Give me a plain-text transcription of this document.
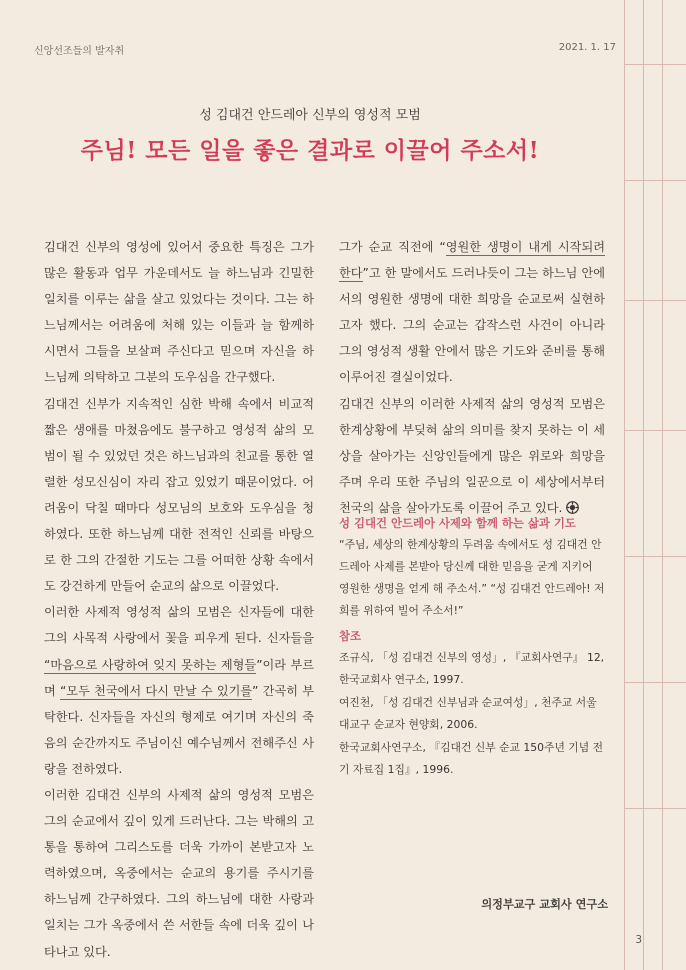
신앙선조들의 발자취	2021. 1. 17
성 김대건 안드레아 신부의 영성적 모범
주님! 모든 일을 좋은 결과로 이끌어 주소서!

김대건 신부의 영성에 있어서 중요한 특징은 그가 많은 활동과 업무 가운데서도 늘 하느님과 긴밀한 일치를 이루는 삶을 살고 있었다는 것이다. 그는 하느님께서는 어려움에 처해 있는 이들과 늘 함께하시면서 그들을 보살펴 주신다고 믿으며 자신을 하느님께 의탁하고 그분의 도우심을 간구했다.

김대건 신부가 지속적인 심한 박해 속에서 비교적 짧은 생애를 마쳤음에도 불구하고 영성적 삶의 모범이 될 수 있었던 것은 하느님과의 친교를 통한 열렬한 성모신심이 자리 잡고 있었기 때문이었다. 어려움이 닥칠 때마다 성모님의 보호와 도우심을 청하였다. 또한 하느님께 대한 전적인 신뢰를 바탕으로 한 그의 간절한 기도는 그를 어떠한 상황 속에서도 강건하게 만들어 순교의 삶으로 이끌었다.

이러한 사제적 영성적 삶의 모범은 신자들에 대한 그의 사목적 사랑에서 꽃을 피우게 된다. 신자들을 “마음으로 사랑하여 잊지 못하는 제형들”이라 부르며 “모두 천국에서 다시 만날 수 있기를” 간곡히 부탁한다. 신자들을 자신의 형제로 여기며 자신의 죽음의 순간까지도 주님이신 예수님께서 전해주신 사랑을 전하였다.

이러한 김대건 신부의 사제적 삶의 영성적 모범은 그의 순교에서 깊이 있게 드러난다. 그는 박해의 고통을 통하여 그리스도를 더욱 가까이 본받고자 노력하였으며, 옥중에서는 순교의 용기를 주시기를 하느님께 간구하였다. 그의 하느님에 대한 사랑과 일치는 그가 옥중에서 쓴 서한들 속에 더욱 깊이 나타나고 있다.

그가 순교 직전에 “영원한 생명이 내게 시작되려 한다”고 한 말에서도 드러나듯이 그는 하느님 안에서의 영원한 생명에 대한 희망을 순교로써 실현하고자 했다. 그의 순교는 갑작스런 사건이 아니라 그의 영성적 생활 안에서 많은 기도와 준비를 통해 이루어진 결실이었다.

김대건 신부의 이러한 사제적 삶의 영성적 모범은 한계상황에 부딪혀 삶의 의미를 찾지 못하는 이 세상을 살아가는 신앙인들에게 많은 위로와 희망을 주며 우리 또한 주님의 일꾼으로 이 세상에서부터 천국의 삶을 살아가도록 이끌어 주고 있다.

성 김대건 안드레아 사제와 함께 하는 삶과 기도
“주님, 세상의 한계상황의 두려움 속에서도 성 김대건 안드레아 사제를 본받아 당신께 대한 믿음을 굳게 지키어 영원한 생명을 얻게 해 주소서.” “성 김대건 안드레아! 저희를 위하여 빌어 주소서!”
참조

조규식, 「성 김대건 신부의 영성」, 『교회사연구』 12, 한국교회사 연구소, 1997.

여진천, 「성 김대건 신부님과 순교여성」, 천주교 서울대교구 순교자 현양회, 2006.

한국교회사연구소, 『김대건 신부 순교 150주년 기념 전기 자료집 1집』, 1996.

의정부교구 교회사 연구소
3
